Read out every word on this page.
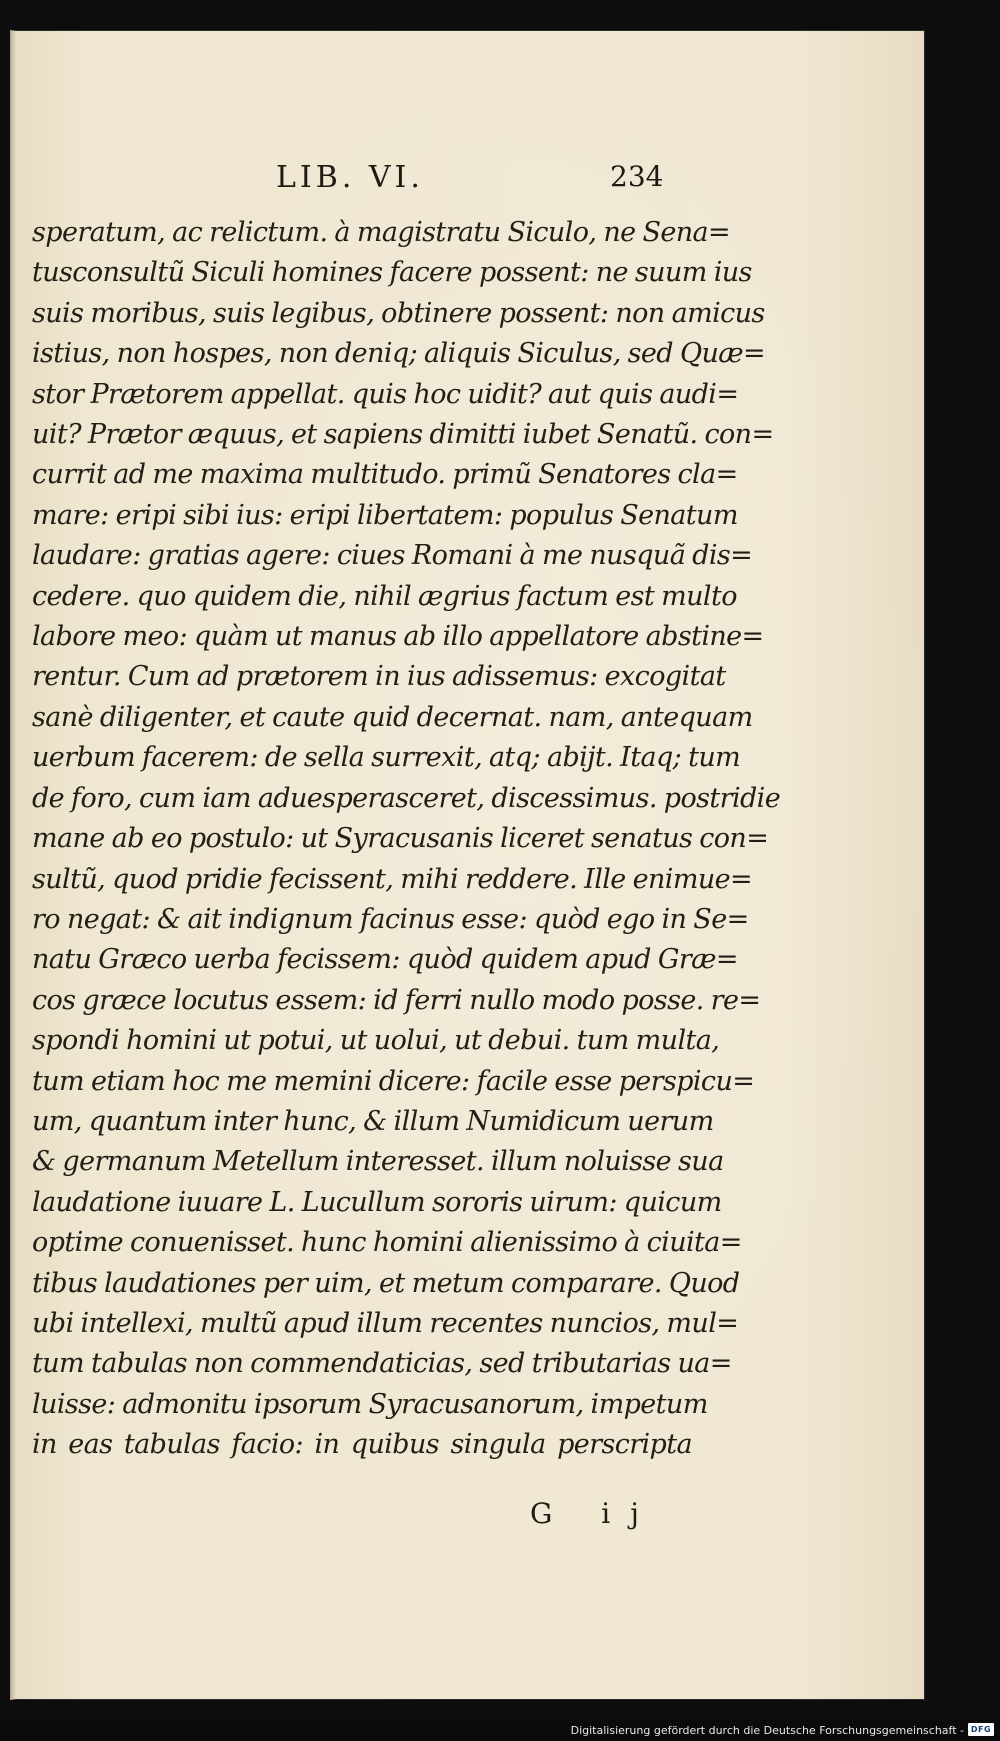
LIB. VI.	234
speratum, ac relictum. à magistratu Siculo, ne Sena=
tusconsultũ Siculi homines facere possent: ne suum ius
suis moribus, suis legibus, obtinere possent: non amicus
istius, non hospes, non deniq; aliquis Siculus, sed Quæ=
stor Prætorem appellat. quis hoc uidit? aut quis audi=
uit? Prætor æquus, et sapiens dimitti iubet Senatũ. con=
currit ad me maxima multitudo. primũ Senatores cla=
mare: eripi sibi ius: eripi libertatem: populus Senatum
laudare: gratias agere: ciues Romani à me nusquã dis=
cedere. quo quidem die, nihil ægrius factum est multo
labore meo: quàm ut manus ab illo appellatore abstine=
rentur. Cum ad prætorem in ius adissemus: excogitat
sanè diligenter, et caute quid decernat. nam, antequam
uerbum facerem: de sella surrexit, atq; abijt. Itaq; tum
de foro, cum iam aduesperasceret, discessimus. postridie
mane ab eo postulo: ut Syracusanis liceret senatus con=
sultũ, quod pridie fecissent, mihi reddere. Ille enimue=
ro negat: & ait indignum facinus esse: quòd ego in Se=
natu Græco uerba fecissem: quòd quidem apud Græ=
cos græce locutus essem: id ferri nullo modo posse. re=
spondi homini ut potui, ut uolui, ut debui. tum multa,
tum etiam hoc me memini dicere: facile esse perspicu=
um, quantum inter hunc, & illum Numidicum uerum
& germanum Metellum interesset. illum noluisse sua
laudatione iuuare L. Lucullum sororis uirum: quicum
optime conuenisset. hunc homini alienissimo à ciuita=
tibus laudationes per uim, et metum comparare. Quod
ubi intellexi, multũ apud illum recentes nuncios, mul=
tum tabulas non commendaticias, sed tributarias ua=
luisse: admonitu ipsorum Syracusanorum, impetum
in eas tabulas facio: in quibus singula perscripta
G ij
Digitalisierung gefördert durch die Deutsche Forschungsgemeinschaft - DFG
